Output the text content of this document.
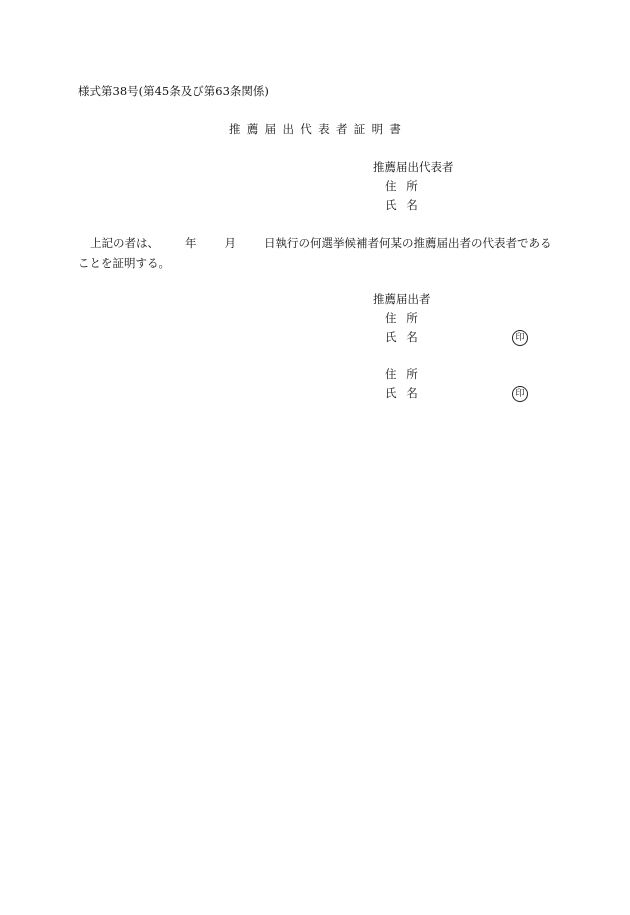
様式第38号(第45条及び第63条関係)
推薦届出代表者証明書
推薦届出代表者
住所
氏名
上記の者は、 年 月 日執行の何選挙候補者何某の推薦届出者の代表者である
ことを証明する。
推薦届出者
住所
氏名	印
住所
氏名	印
